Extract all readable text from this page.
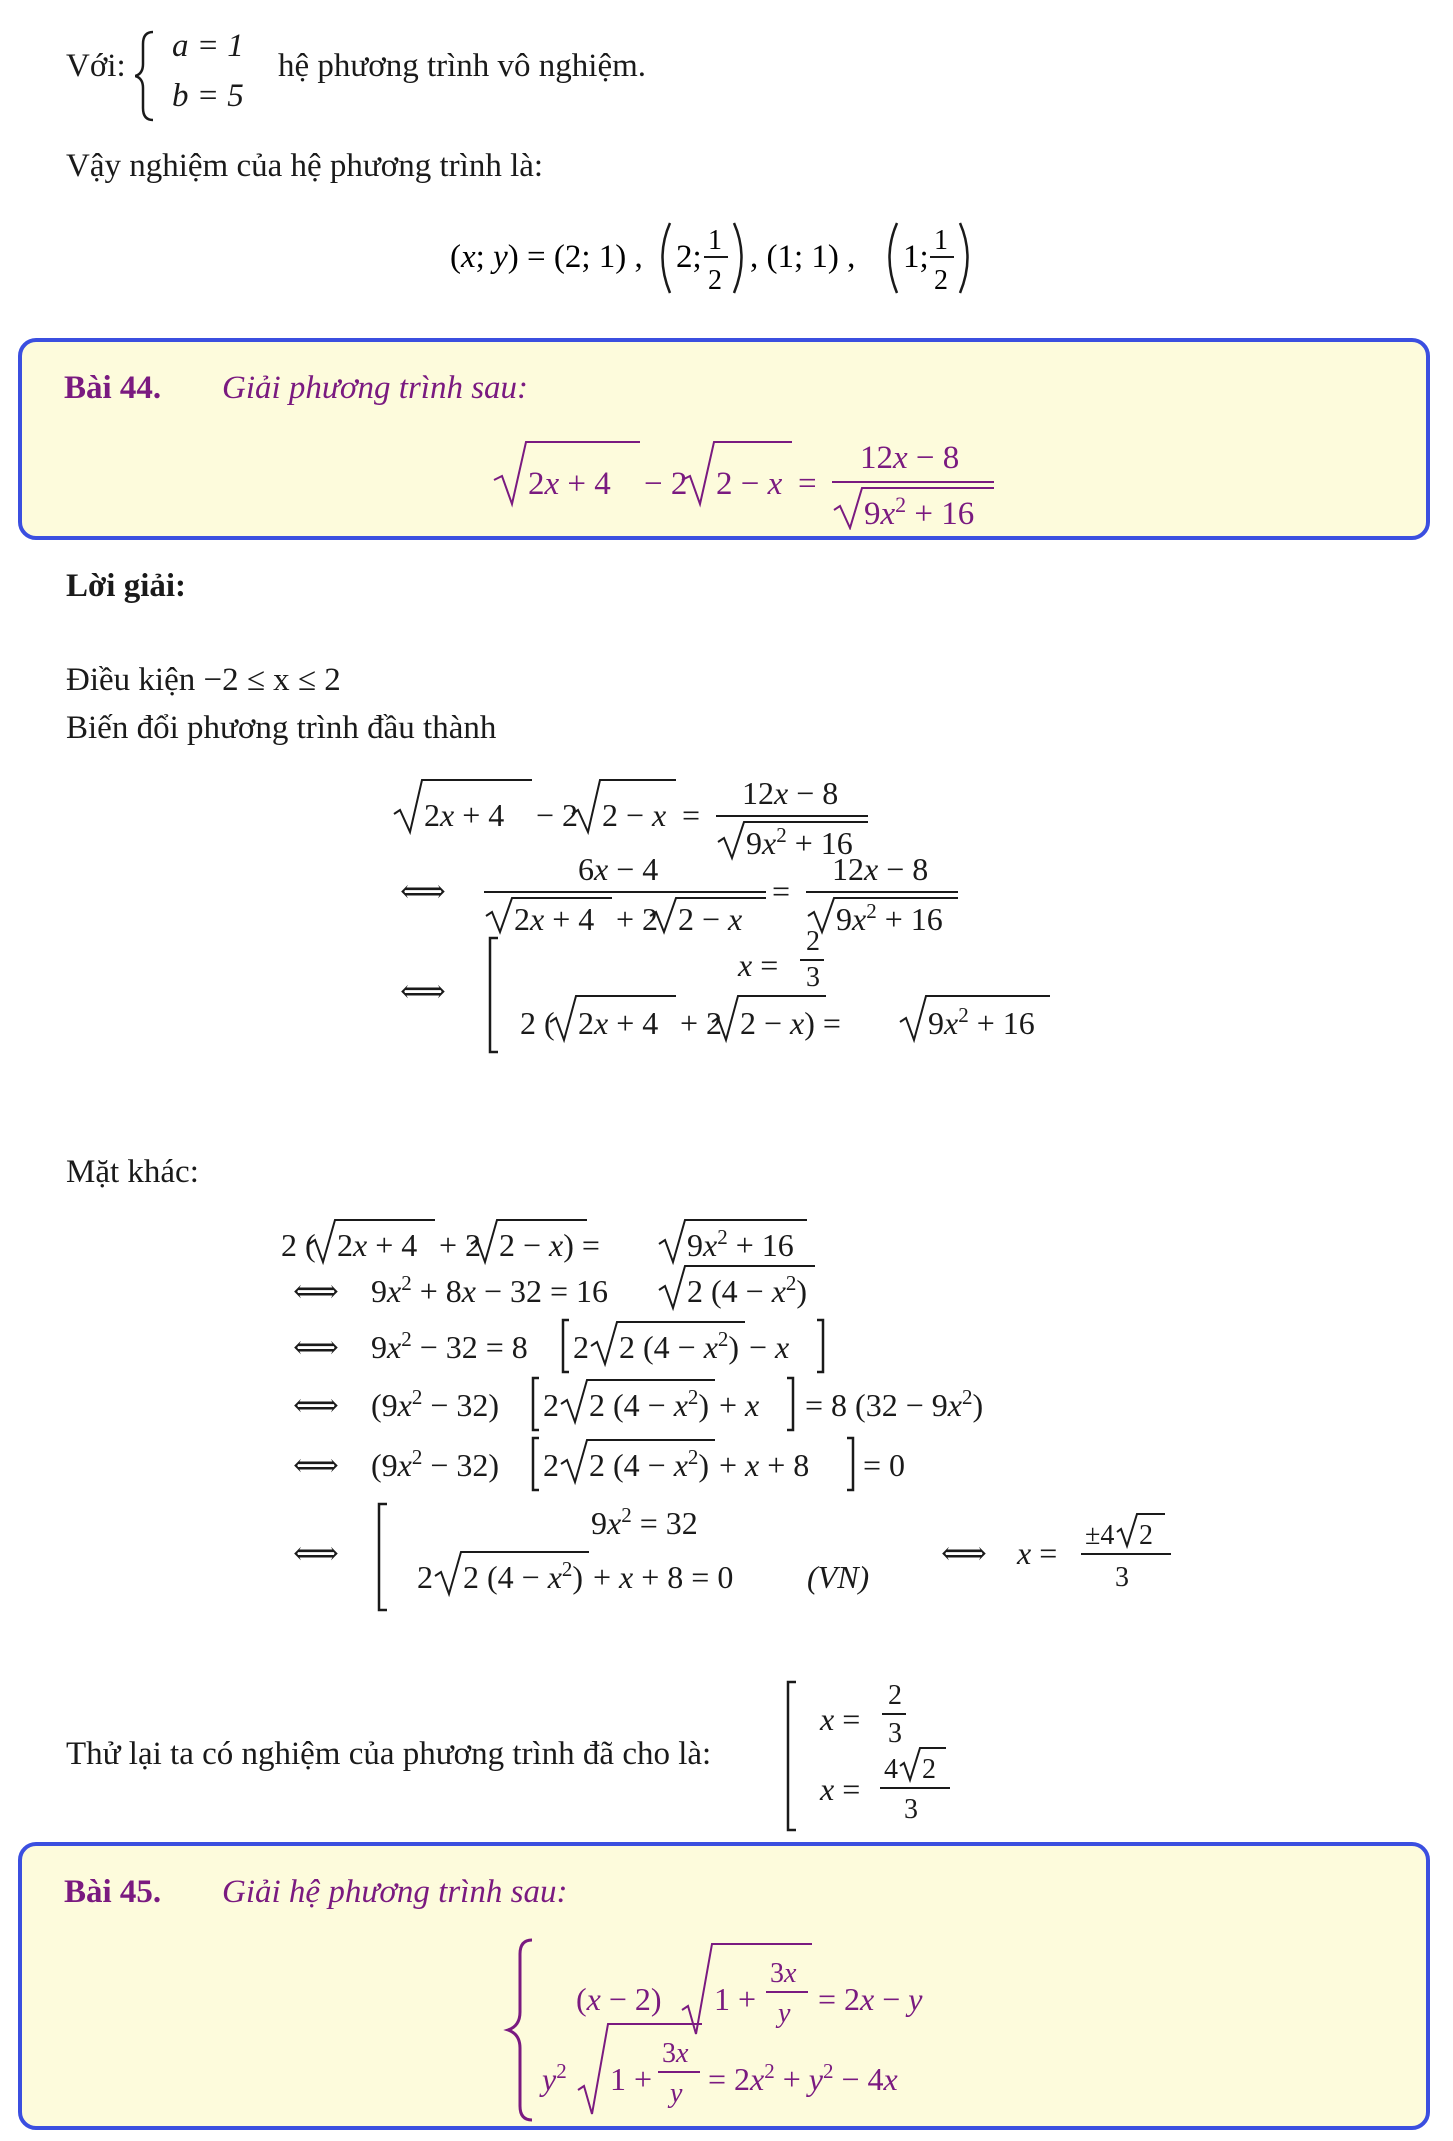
Với:
a = 1
b = 5
hệ phương trình vô nghiệm.
Vậy nghiệm của hệ phương trình là:
(x; y) = (2; 1) , 2; 1
2
, (1; 1) , 1; 1
2
Bài 44. Giải phương trình sau:
2x + 4 − 2 2 − x =
12x − 8
$9x^2 + 16$
Lời giải:
Điều kiện −2 ≤ x ≤ 2
Biến đổi phương trình đầu thành
2x + 4 − 2 2 − x =
12x − 8
$9x^2 + 16$
⟺
6x − 4
2x + 4 + 2 2 − x
=
12x − 8
$9x^2 + 16$
⟺
x =
2
3
2 ( 2x + 4 + 2 2 − x) =	$9x^2 + 16$
Mặt khác:
2 ( 2x + 4 + 2 2 − x) =	$9x^2 + 16$
⟺ $9x^2 + 8x - 32 = 16$ 2 $(4 - x^2)$
⟺ $9x^2 - 32 = 8$ 2 2 $(4 - x^2) - x$
⟺ $(9x^2 - 32)$ 2 2 $(4 - x^2) + x = 8$ $(32 - 9x^2)$
⟺ $(9x^2 - 32)$ 2 2 $(4 - x^2) + x + 8 = 0$
⟺
$9x^2 = 32$
2 2 $(4 - x^2) + x + 8 = 0$ (VN)
⟺ x = ±4 2
3
Thử lại ta có nghiệm của phương trình đã cho là:
x =
2
3
x =
4 2
3
Bài 45. Giải hệ phương trình sau:
(x − 2) 1 +
3x
y = 2x − y
$y^2$ 1 +
3x
$y = 2x^2 + y^2 - 4x$
